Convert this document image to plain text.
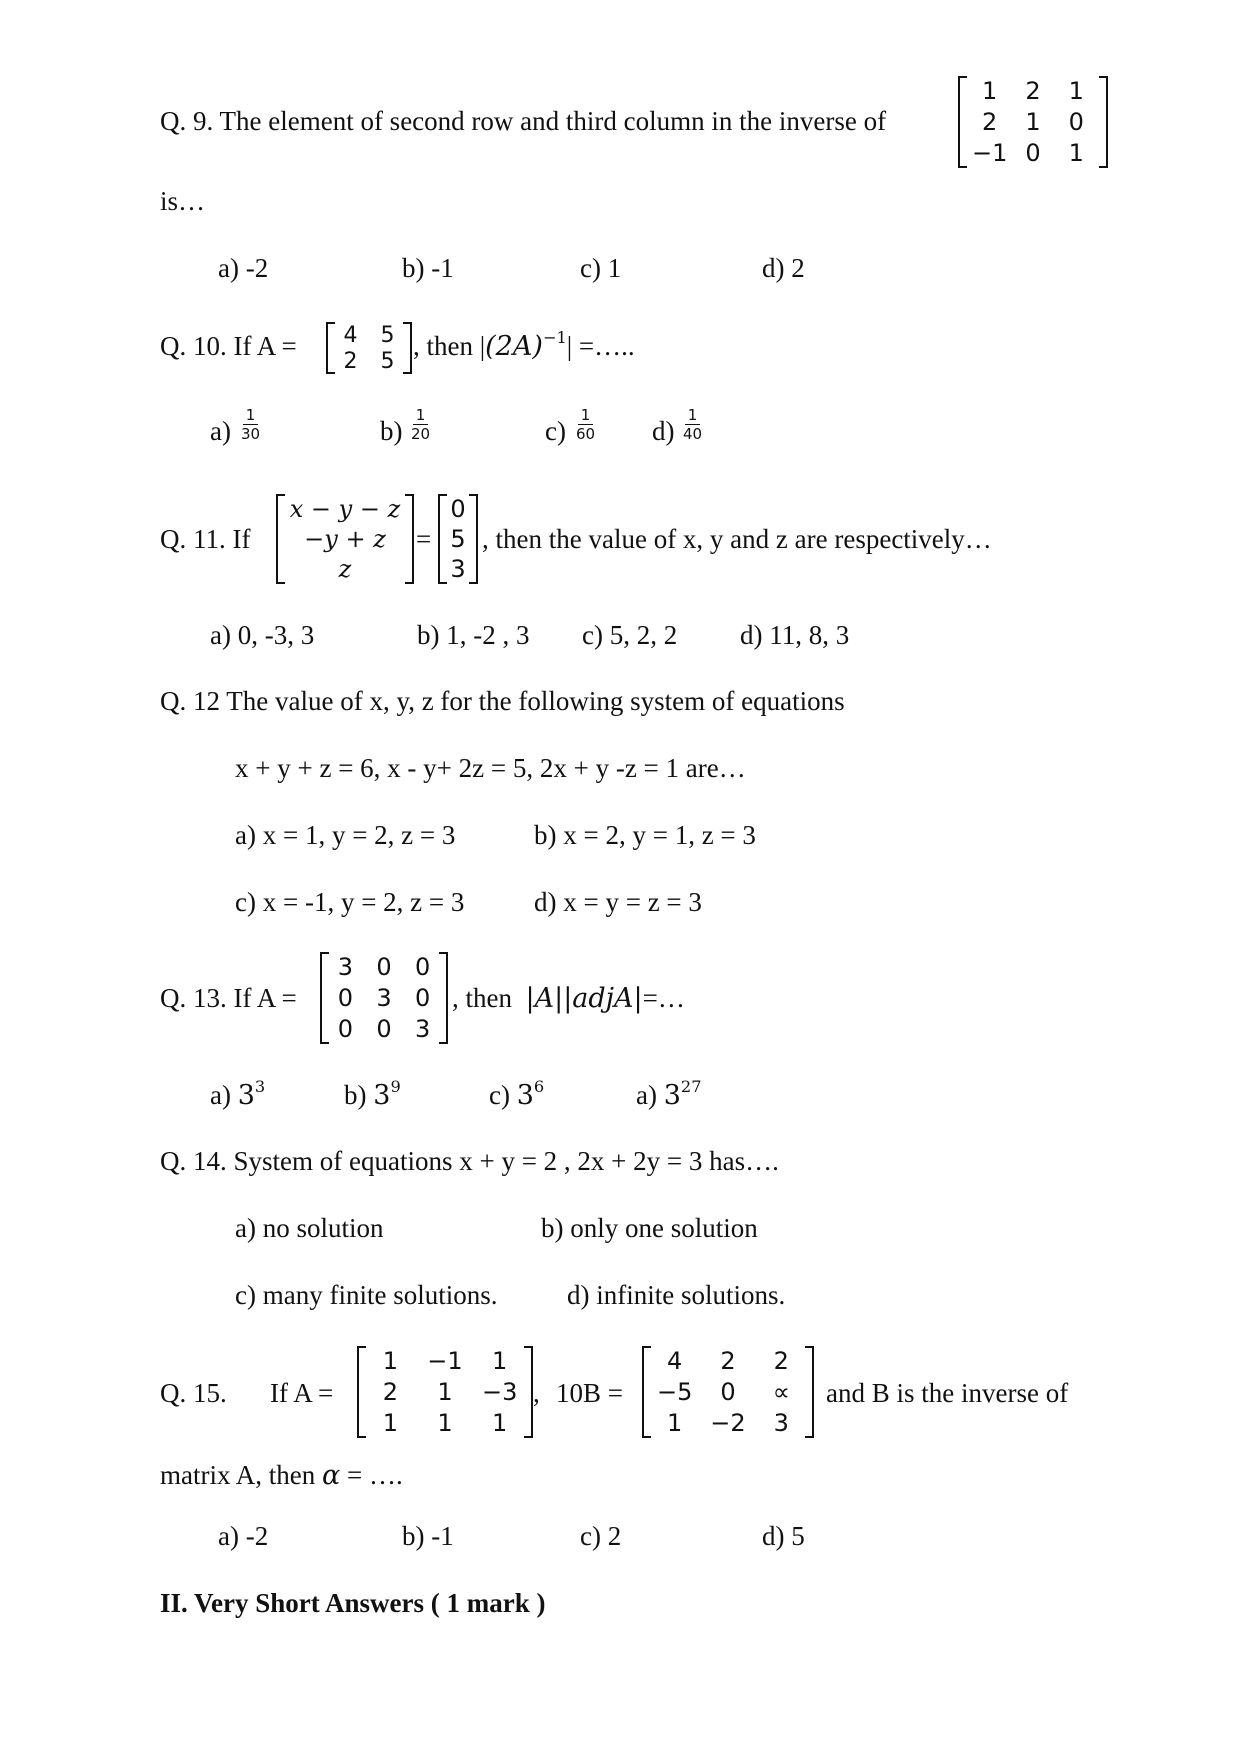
Q. 9. The element of second row and third column in the inverse of
1	2	1
2	1	0
−1 0	1
is…
a) -2	b) -1	c) 1	d) 2
Q. 10. If A =	4	5
2	5 , then $|(2A)^{-1}|$ =…..
$a) \frac{1}{30}$	$b) \frac{1}{20}$	$c) \frac{1}{60} d) \frac{1}{40}$
Q. 11. If
x − y − z
−y + z
z
=
0
5
3
, then the value of x, y and z are respectively…
a) 0, -3, 3	b) 1, -2 , 3 c) 5, 2, 2 d) 11, 8, 3
Q. 12 The value of x, y, z for the following system of equations
x + y + z = 6, x - y+ 2z = 5, 2x + y -z = 1 are…
a) x = 1, y = 2, z = 3	b) x = 2, y = 1, z = 3
c) x = -1, y = 2, z = 3	d) x = y = z = 3
Q. 13. If A =
3 0 0
0 3 0
0 0 3
, then |A||adjA|=…
a) $3^3$	b) $3^9$	c) $3^6$	a) $3^{27}$
Q. 14. System of equations x + y = 2 , 2x + 2y = 3 has….
a) no solution	b) only one solution
c) many finite solutions.	d) infinite solutions.
Q. 15. If A =
1	−1	1
2	1	−3
1	1	1
, 10B =
4	2	2
−5	0	∝
1	−2	3
and B is the inverse of
matrix A, then α = ….
a) -2	b) -1	c) 2	d) 5
II. Very Short Answers ( 1 mark )
